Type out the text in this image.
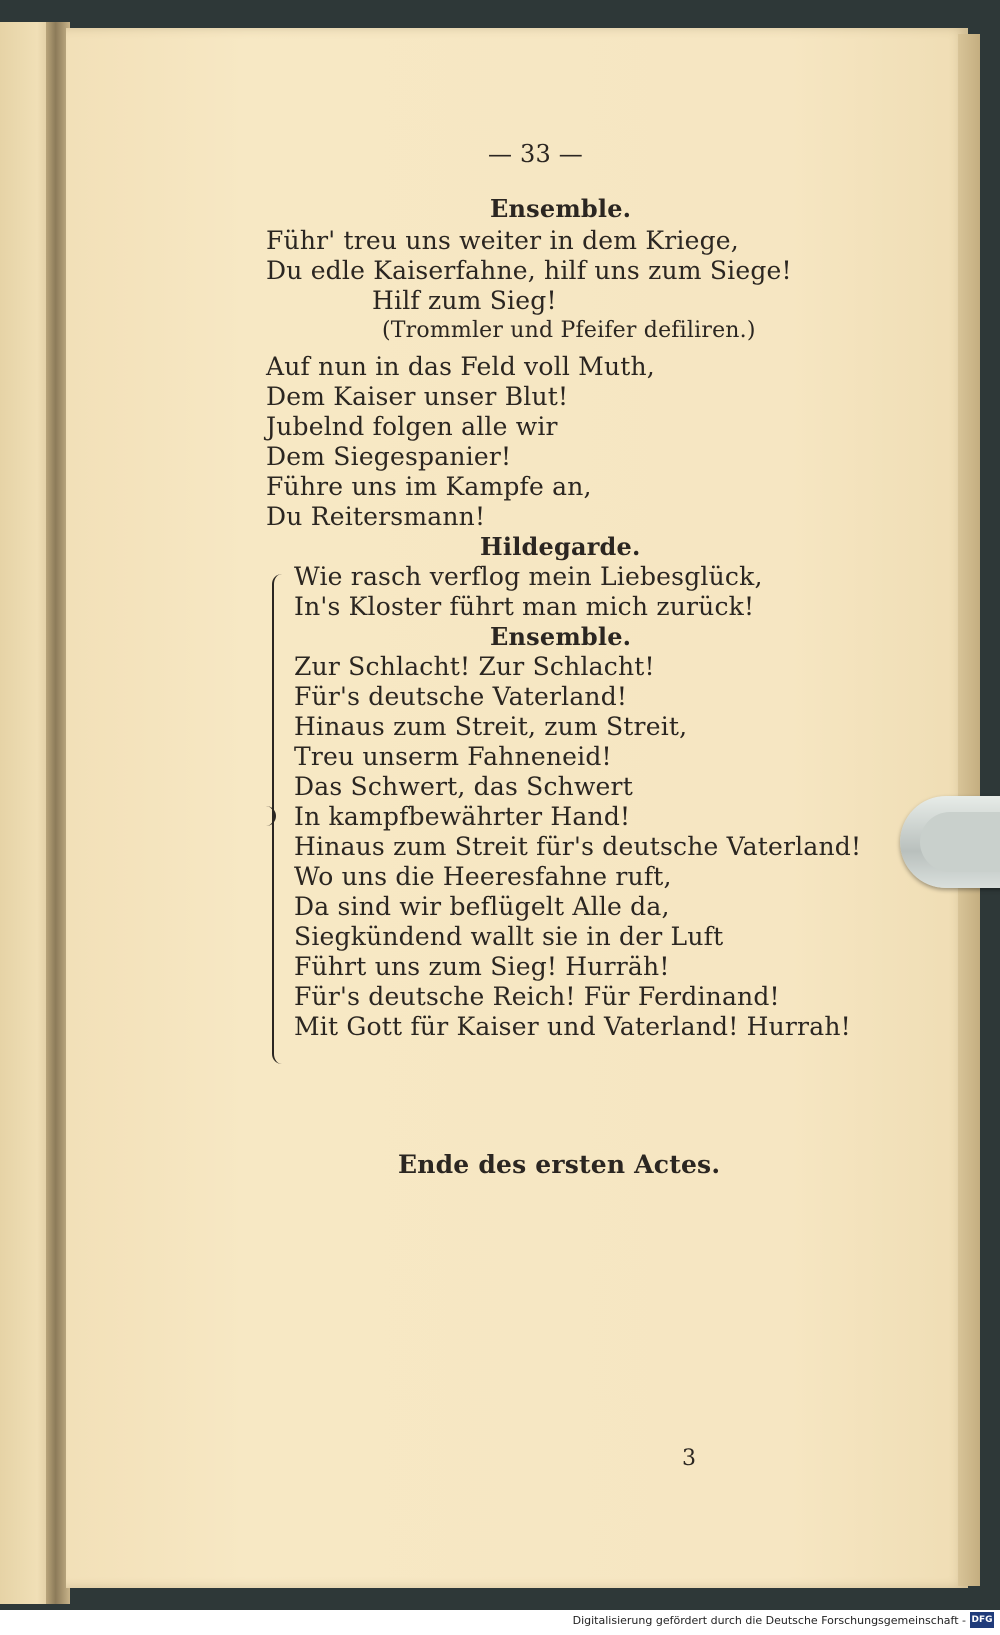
— 33 —
Ensemble.
Führ' treu uns weiter in dem Kriege,
Du edle Kaiserfahne, hilf uns zum Siege!
Hilf zum Sieg!
(Trommler und Pfeifer defiliren.)
Auf nun in das Feld voll Muth,
Dem Kaiser unser Blut!
Jubelnd folgen alle wir
Dem Siegespanier!
Führe uns im Kampfe an,
Du Reitersmann!
Hildegarde.
Wie rasch verflog mein Liebesglück,
In's Kloster führt man mich zurück!
Ensemble.
Zur Schlacht! Zur Schlacht!
Für's deutsche Vaterland!
Hinaus zum Streit, zum Streit,
Treu unserm Fahneneid!
Das Schwert, das Schwert
In kampfbewährter Hand!
Hinaus zum Streit für's deutsche Vaterland!
Wo uns die Heeresfahne ruft,
Da sind wir beflügelt Alle da,
Siegkündend wallt sie in der Luft
Führt uns zum Sieg! Hurräh!
Für's deutsche Reich! Für Ferdinand!
Mit Gott für Kaiser und Vaterland! Hurrah!
Ende des ersten Actes.
3
Digitalisierung gefördert durch die Deutsche Forschungsgemeinschaft - DFG
